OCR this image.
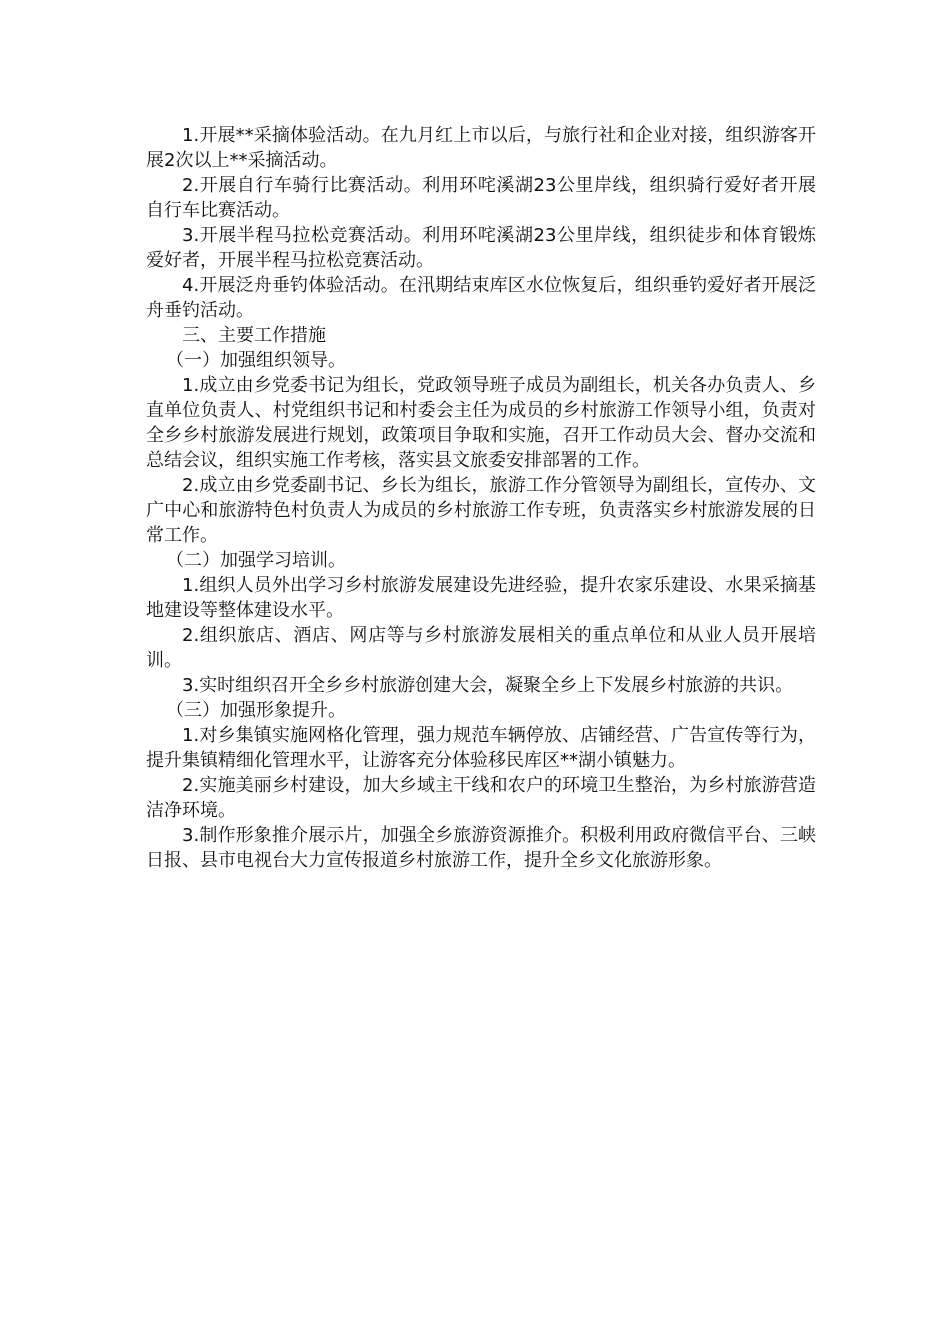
1.开展**采摘体验活动。在九月红上市以后，与旅行社和企业对接，组织游客开展2次以上**采摘活动。

2.开展自行车骑行比赛活动。利用环咤溪湖23公里岸线，组织骑行爱好者开展自行车比赛活动。

3.开展半程马拉松竞赛活动。利用环咤溪湖23公里岸线，组织徒步和体育锻炼爱好者，开展半程马拉松竞赛活动。

4.开展泛舟垂钓体验活动。在汛期结束库区水位恢复后，组织垂钓爱好者开展泛舟垂钓活动。

三、主要工作措施

（一）加强组织领导。

1.成立由乡党委书记为组长，党政领导班子成员为副组长，机关各办负责人、乡直单位负责人、村党组织书记和村委会主任为成员的乡村旅游工作领导小组，负责对全乡乡村旅游发展进行规划，政策项目争取和实施，召开工作动员大会、督办交流和总结会议，组织实施工作考核，落实县文旅委安排部署的工作。

2.成立由乡党委副书记、乡长为组长，旅游工作分管领导为副组长，宣传办、文广中心和旅游特色村负责人为成员的乡村旅游工作专班，负责落实乡村旅游发展的日常工作。

（二）加强学习培训。

1.组织人员外出学习乡村旅游发展建设先进经验，提升农家乐建设、水果采摘基地建设等整体建设水平。

2.组织旅店、酒店、网店等与乡村旅游发展相关的重点单位和从业人员开展培训。

3.实时组织召开全乡乡村旅游创建大会，凝聚全乡上下发展乡村旅游的共识。

（三）加强形象提升。

1.对乡集镇实施网格化管理，强力规范车辆停放、店铺经营、广告宣传等行为，提升集镇精细化管理水平，让游客充分体验移民库区**湖小镇魅力。

2.实施美丽乡村建设，加大乡域主干线和农户的环境卫生整治，为乡村旅游营造洁净环境。

3.制作形象推介展示片，加强全乡旅游资源推介。积极利用政府微信平台、三峡日报、县市电视台大力宣传报道乡村旅游工作，提升全乡文化旅游形象。
